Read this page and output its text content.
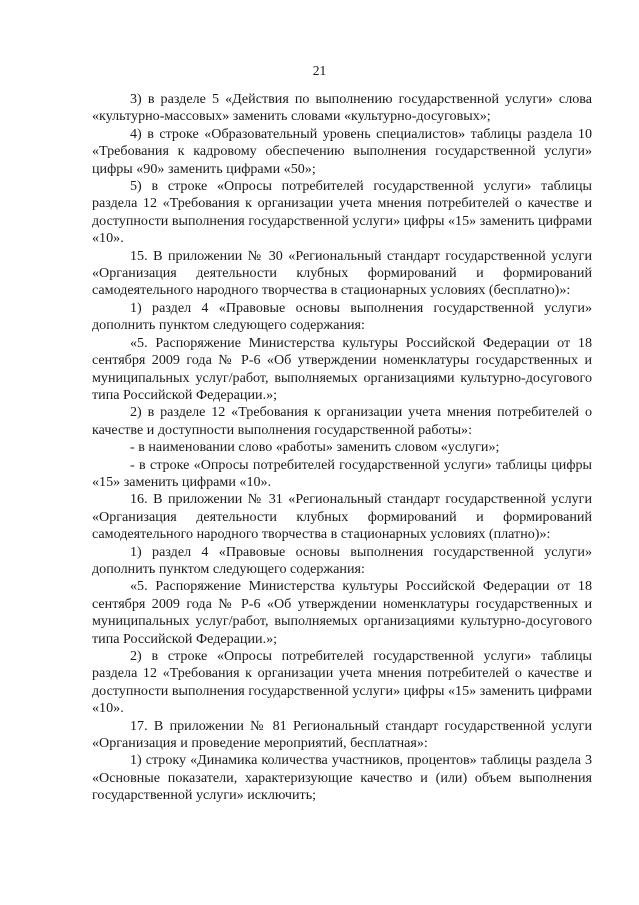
21

3) в разделе 5 «Действия по выполнению государственной услуги» слова «культурно-массовых» заменить словами «культурно-досуговых»;

4) в строке «Образовательный уровень специалистов» таблицы раздела 10 «Требования к кадровому обеспечению выполнения государственной услуги» цифры «90» заменить цифрами «50»;

5) в строке «Опросы потребителей государственной услуги» таблицы раздела 12 «Требования к организации учета мнения потребителей о качестве и доступности выполнения государственной услуги» цифры «15» заменить цифрами «10».

15. В приложении № 30 «Региональный стандарт государственной услуги «Организация деятельности клубных формирований и формирований самодеятельного народного творчества в стационарных условиях (бесплатно)»:

1) раздел 4 «Правовые основы выполнения государственной услуги» дополнить пунктом следующего содержания:

«5. Распоряжение Министерства культуры Российской Федерации от 18 сентября 2009 года № Р-6 «Об утверждении номенклатуры государственных и муниципальных услуг/работ, выполняемых организациями культурно-досугового типа Российской Федерации.»;

2) в разделе 12 «Требования к организации учета мнения потребителей о качестве и доступности выполнения государственной работы»:

- в наименовании слово «работы» заменить словом «услуги»;

- в строке «Опросы потребителей государственной услуги» таблицы цифры «15» заменить цифрами «10».

16. В приложении № 31 «Региональный стандарт государственной услуги «Организация деятельности клубных формирований и формирований самодеятельного народного творчества в стационарных условиях (платно)»:

1) раздел 4 «Правовые основы выполнения государственной услуги» дополнить пунктом следующего содержания:

«5. Распоряжение Министерства культуры Российской Федерации от 18 сентября 2009 года № Р-6 «Об утверждении номенклатуры государственных и муниципальных услуг/работ, выполняемых организациями культурно-досугового типа Российской Федерации.»;

2) в строке «Опросы потребителей государственной услуги» таблицы раздела 12 «Требования к организации учета мнения потребителей о качестве и доступности выполнения государственной услуги» цифры «15» заменить цифрами «10».

17. В приложении № 81 Региональный стандарт государственной услуги «Организация и проведение мероприятий, бесплатная»:

1) строку «Динамика количества участников, процентов» таблицы раздела 3 «Основные показатели, характеризующие качество и (или) объем выполнения государственной услуги» исключить;
